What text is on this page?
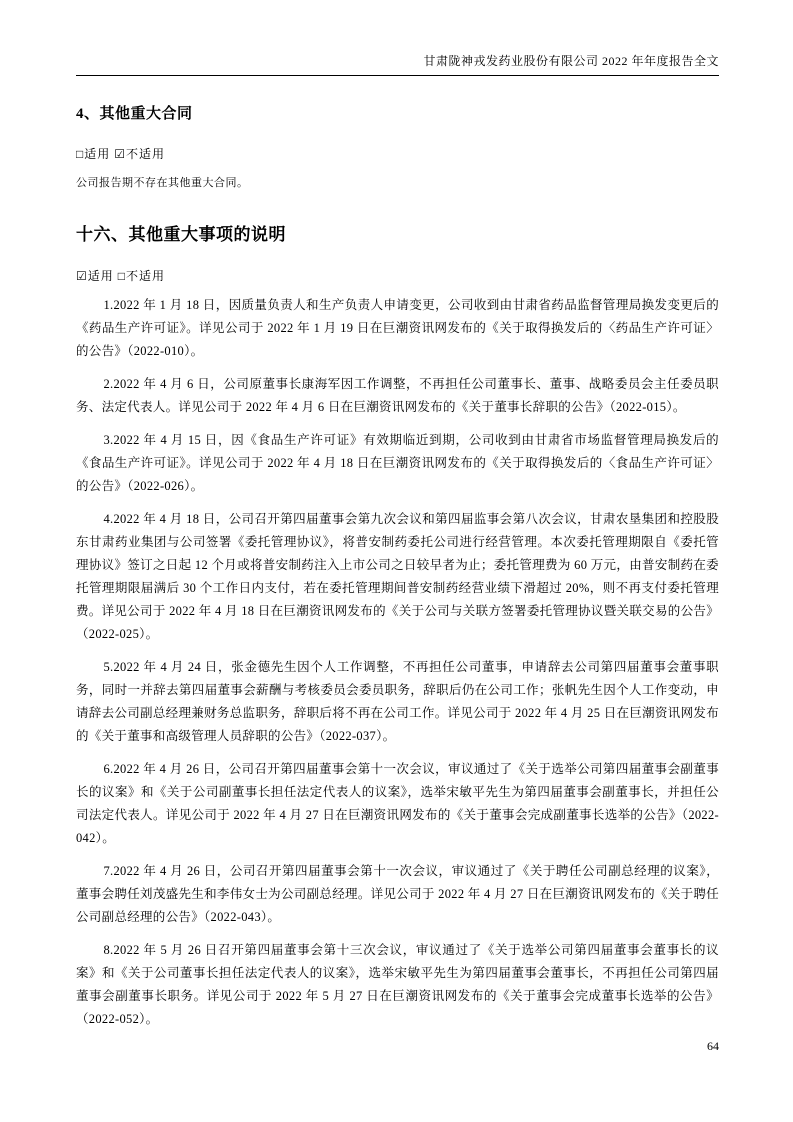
甘肃陇神戎发药业股份有限公司 2022 年年度报告全文
4、其他重大合同
□适用 ☑不适用
公司报告期不存在其他重大合同。
十六、其他重大事项的说明
☑适用 □不适用

1.2022 年 1 月 18 日，因质量负责人和生产负责人申请变更，公司收到由甘肃省药品监督管理局换发变更后的《药品生产许可证》。详见公司于 2022 年 1 月 19 日在巨潮资讯网发布的《关于取得换发后的〈药品生产许可证〉的公告》（2022-010）。

2.2022 年 4 月 6 日，公司原董事长康海军因工作调整，不再担任公司董事长、董事、战略委员会主任委员职务、法定代表人。详见公司于 2022 年 4 月 6 日在巨潮资讯网发布的《关于董事长辞职的公告》（2022-015）。

3.2022 年 4 月 15 日，因《食品生产许可证》有效期临近到期，公司收到由甘肃省市场监督管理局换发后的《食品生产许可证》。详见公司于 2022 年 4 月 18 日在巨潮资讯网发布的《关于取得换发后的〈食品生产许可证〉的公告》（2022-026）。

4.2022 年 4 月 18 日，公司召开第四届董事会第九次会议和第四届监事会第八次会议，甘肃农垦集团和控股股东甘肃药业集团与公司签署《委托管理协议》，将普安制药委托公司进行经营管理。本次委托管理期限自《委托管理协议》签订之日起 12 个月或将普安制药注入上市公司之日较早者为止；委托管理费为 60 万元，由普安制药在委托管理期限届满后 30 个工作日内支付，若在委托管理期间普安制药经营业绩下滑超过 20%，则不再支付委托管理费。详见公司于 2022 年 4 月 18 日在巨潮资讯网发布的《关于公司与关联方签署委托管理协议暨关联交易的公告》（2022-025）。

5.2022 年 4 月 24 日，张金德先生因个人工作调整，不再担任公司董事，申请辞去公司第四届董事会董事职务，同时一并辞去第四届董事会薪酬与考核委员会委员职务，辞职后仍在公司工作；张帆先生因个人工作变动，申请辞去公司副总经理兼财务总监职务，辞职后将不再在公司工作。详见公司于 2022 年 4 月 25 日在巨潮资讯网发布的《关于董事和高级管理人员辞职的公告》（2022-037）。

6.2022 年 4 月 26 日，公司召开第四届董事会第十一次会议，审议通过了《关于选举公司第四届董事会副董事长的议案》和《关于公司副董事长担任法定代表人的议案》，选举宋敏平先生为第四届董事会副董事长，并担任公司法定代表人。详见公司于 2022 年 4 月 27 日在巨潮资讯网发布的《关于董事会完成副董事长选举的公告》（2022-042）。

7.2022 年 4 月 26 日，公司召开第四届董事会第十一次会议，审议通过了《关于聘任公司副总经理的议案》，董事会聘任刘茂盛先生和李伟女士为公司副总经理。详见公司于 2022 年 4 月 27 日在巨潮资讯网发布的《关于聘任公司副总经理的公告》（2022-043）。

8.2022 年 5 月 26 日召开第四届董事会第十三次会议，审议通过了《关于选举公司第四届董事会董事长的议案》和《关于公司董事长担任法定代表人的议案》，选举宋敏平先生为第四届董事会董事长，不再担任公司第四届董事会副董事长职务。详见公司于 2022 年 5 月 27 日在巨潮资讯网发布的《关于董事会完成董事长选举的公告》（2022-052）。

64
